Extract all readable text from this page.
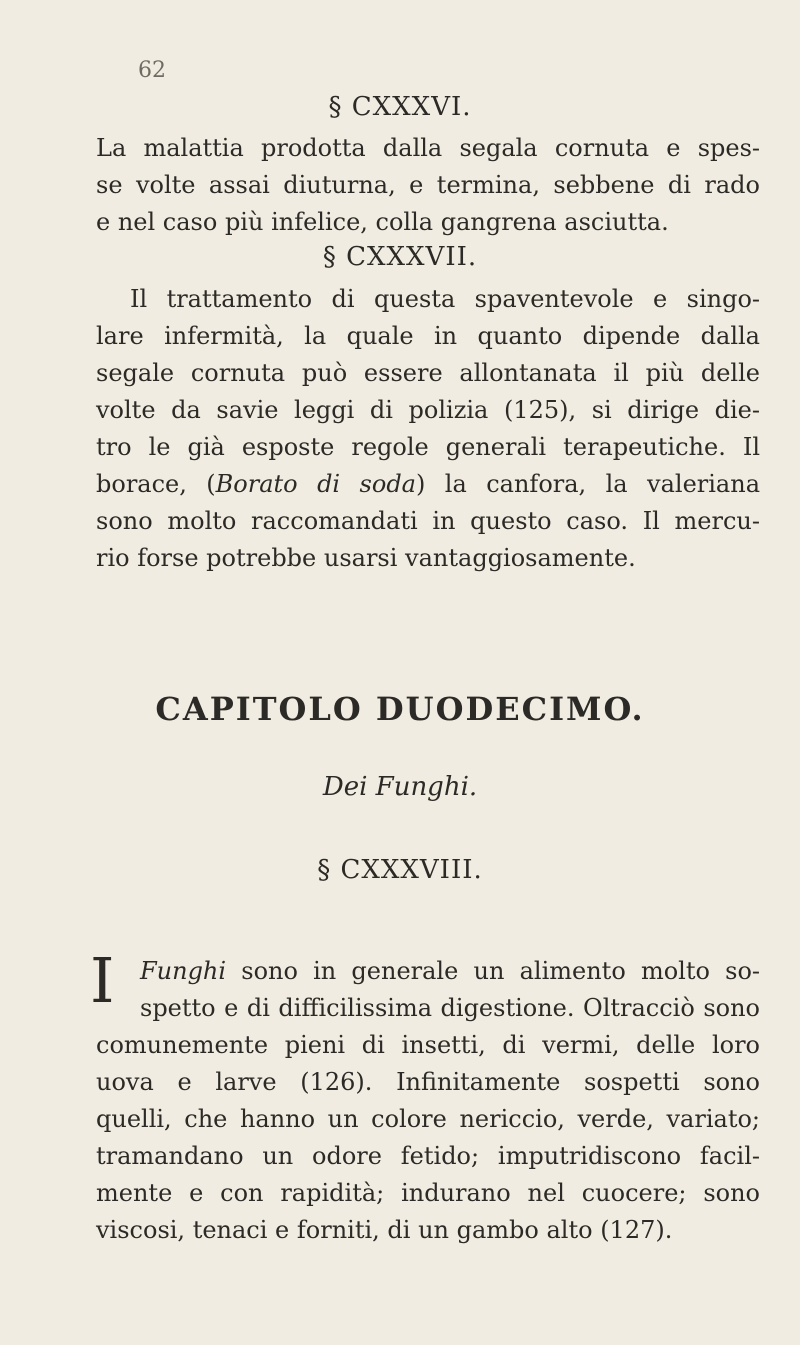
62
§ CXXXVI.
La malattia prodotta dalla segala cornuta e spes-
se volte assai diuturna, e termina, sebbene di rado
e nel caso più infelice, colla gangrena asciutta.
§ CXXXVII.
Il trattamento di questa spaventevole e singo-
lare infermità, la quale in quanto dipende dalla
segale cornuta può essere allontanata il più delle
volte da savie leggi di polizia (125), si dirige die-
tro le già esposte regole generali terapeutiche. Il
borace, (Borato di soda) la canfora, la valeriana
sono molto raccomandati in questo caso. Il mercu-
rio forse potrebbe usarsi vantaggiosamente.
CAPITOLO DUODECIMO.
Dei Funghi.
§ CXXXVIII.
I Funghi sono in generale un alimento molto so-
spetto e di difficilissima digestione. Oltracciò sono
comunemente pieni di insetti, di vermi, delle loro
uova e larve (126). Infinitamente sospetti sono
quelli, che hanno un colore nericcio, verde, variato;
tramandano un odore fetido; imputridiscono facil-
mente e con rapidità; indurano nel cuocere; sono
viscosi, tenaci e forniti, di un gambo alto (127).
